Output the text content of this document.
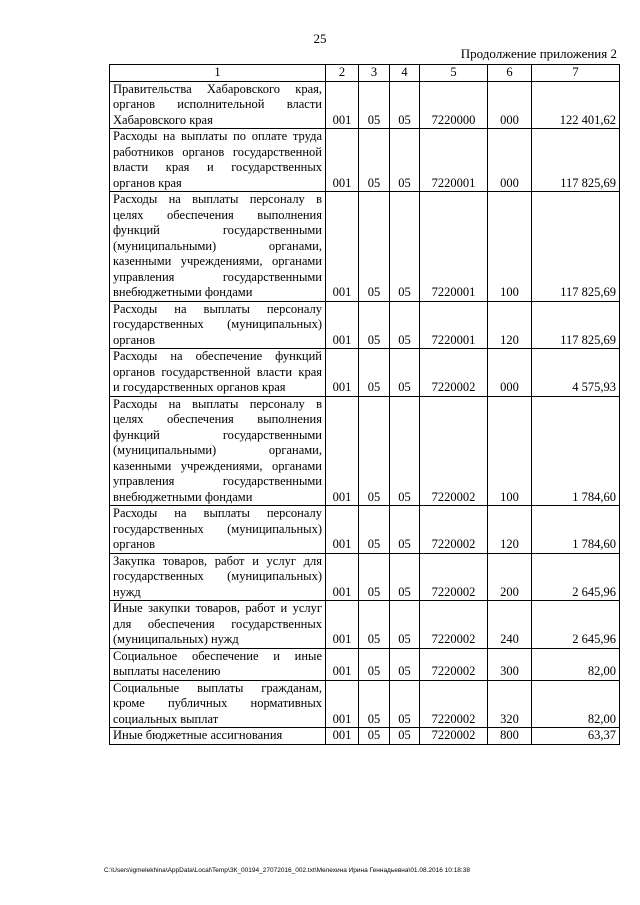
25
Продолжение приложения 2
1	2	3	4	5	6	7
Правительства Хабаровского края, органов исполнительной власти Хабаровского края	001	05	05	7220000	000	122 401,62
Расходы на выплаты по оплате труда работников органов государственной власти края и государственных органов края	001	05	05	7220001	000	117 825,69
Расходы на выплаты персоналу в целях обеспечения выполнения функций государственными (муниципальными) органами, казенными учреждениями, органами управления государственными внебюджетными фондами	001	05	05	7220001	100	117 825,69
Расходы на выплаты персоналу государственных (муниципальных) органов	001	05	05	7220001	120	117 825,69
Расходы на обеспечение функций органов государственной власти края и государственных органов края	001	05	05	7220002	000	4 575,93
Расходы на выплаты персоналу в целях обеспечения выполнения функций государственными (муниципальными) органами, казенными учреждениями, органами управления государственными внебюджетными фондами	001	05	05	7220002	100	1 784,60
Расходы на выплаты персоналу государственных (муниципальных) органов	001	05	05	7220002	120	1 784,60
Закупка товаров, работ и услуг для государственных (муниципальных) нужд	001	05	05	7220002	200	2 645,96
Иные закупки товаров, работ и услуг для обеспечения государственных (муниципальных) нужд	001	05	05	7220002	240	2 645,96
Социальное обеспечение и иные выплаты населению	001	05	05	7220002	300	82,00
Социальные выплаты гражданам, кроме публичных нормативных социальных выплат	001	05	05	7220002	320	82,00
Иные бюджетные ассигнования	001	05	05	7220002	800	63,37
C:\Users\igmelekhina\AppData\Local\Temp\ЗК_00194_27072016_002.txt\Мелехина Ирина Геннадьевна\01.08.2016 10:18:38
